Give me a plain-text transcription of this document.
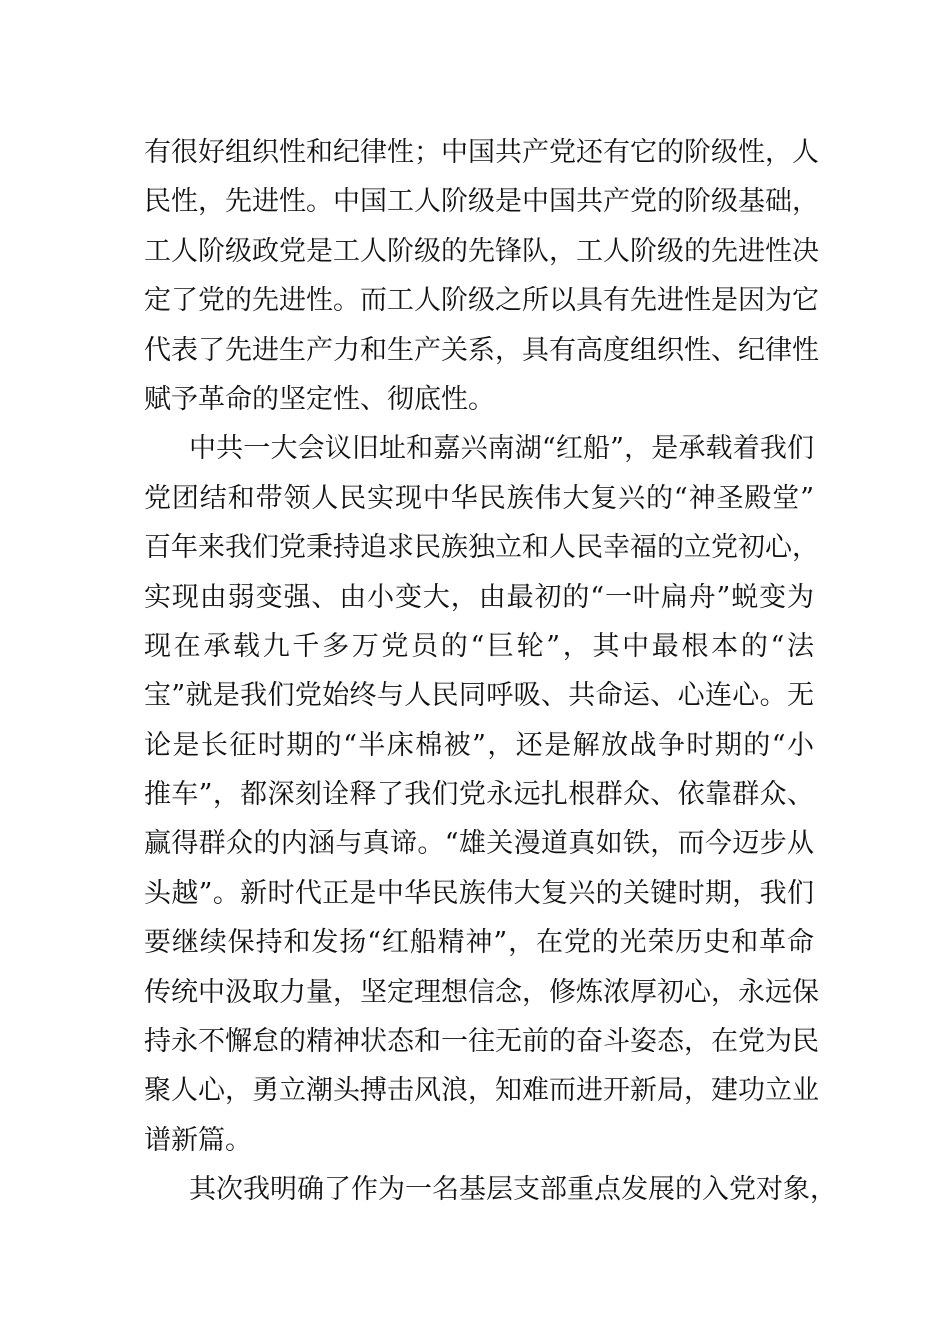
有很好组织性和纪律性；中国共产党还有它的阶级性，人
民性，先进性。中国工人阶级是中国共产党的阶级基础，
工人阶级政党是工人阶级的先锋队，工人阶级的先进性决
定了党的先进性。而工人阶级之所以具有先进性是因为它
代表了先进生产力和生产关系，具有高度组织性、纪律性
赋予革命的坚定性、彻底性。
中共一大会议旧址和嘉兴南湖“红船”，是承载着我们
党团结和带领人民实现中华民族伟大复兴的“神圣殿堂”
百年来我们党秉持追求民族独立和人民幸福的立党初心，
实现由弱变强、由小变大，由最初的“一叶扁舟”蜕变为
现在承载九千多万党员的“巨轮”，其中最根本的“法
宝”就是我们党始终与人民同呼吸、共命运、心连心。无
论是长征时期的“半床棉被”，还是解放战争时期的“小
推车”，都深刻诠释了我们党永远扎根群众、依靠群众、
赢得群众的内涵与真谛。“雄关漫道真如铁，而今迈步从
头越”。新时代正是中华民族伟大复兴的关键时期，我们
要继续保持和发扬“红船精神”，在党的光荣历史和革命
传统中汲取力量，坚定理想信念，修炼浓厚初心，永远保
持永不懈怠的精神状态和一往无前的奋斗姿态，在党为民
聚人心，勇立潮头搏击风浪，知难而进开新局，建功立业
谱新篇。
其次我明确了作为一名基层支部重点发展的入党对象，
